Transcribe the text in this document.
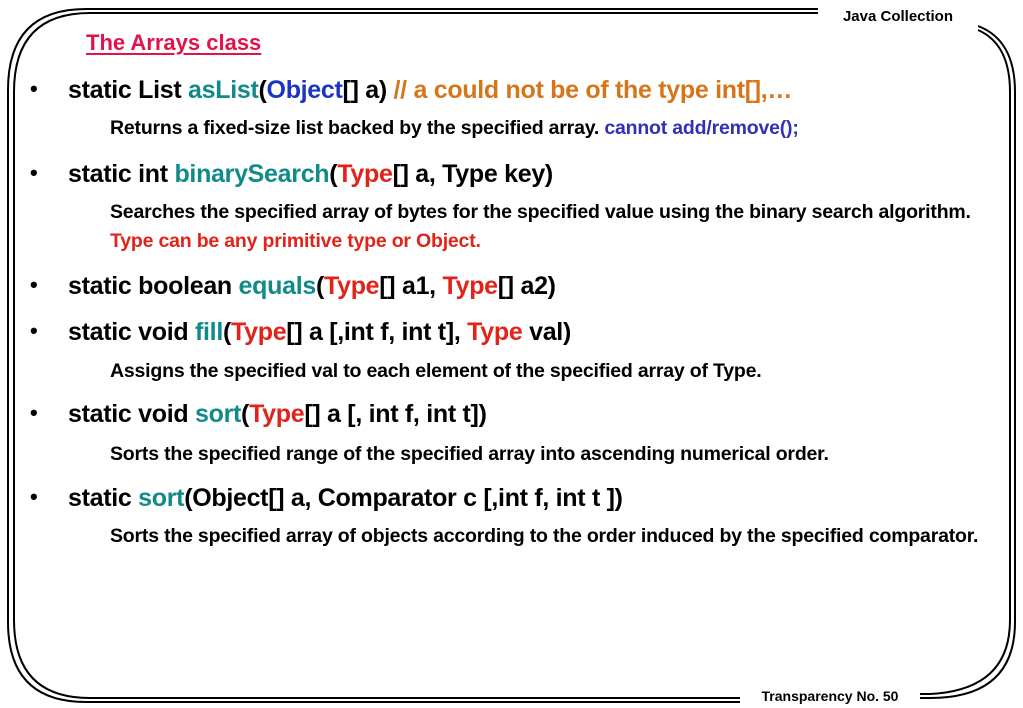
Java Collection
Transparency No. 50
The Arrays class
• static List asList(Object[] a) // a could not be of the type int[],…
Returns a fixed-size list backed by the specified array. cannot add/remove();
• static int binarySearch(Type[] a, Type key)
Searches the specified array of bytes for the specified value using the binary search algorithm. Type can be any primitive type or Object.
• static boolean equals(Type[] a1, Type[] a2)
• static void fill(Type[] a [,int f, int t], Type val)
Assigns the specified val to each element of the specified array of Type.
• static void sort(Type[] a [, int f, int t])
Sorts the specified range of the specified array into ascending numerical order.
• static sort(Object[] a, Comparator c [,int f, int t ])
Sorts the specified array of objects according to the order induced by the specified comparator.
